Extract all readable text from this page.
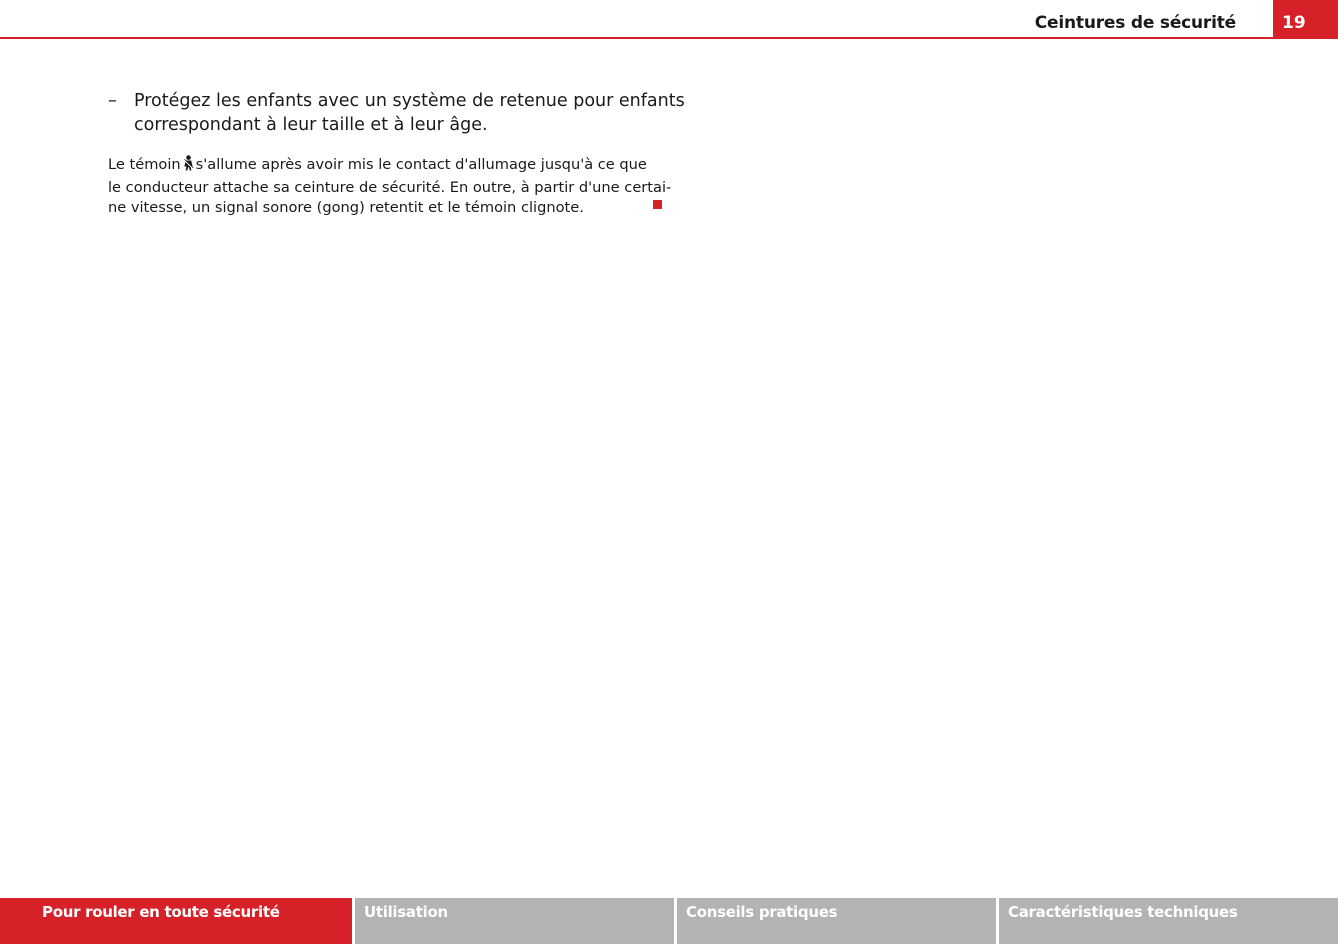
Ceintures de sécurité	19
– Protégez les enfants avec un système de retenue pour enfants
correspondant à leur taille et à leur âge.
Le témoin s'allume après avoir mis le contact d'allumage jusqu'à ce que
le conducteur attache sa ceinture de sécurité. En outre, à partir d'une certai-
ne vitesse, un signal sonore (gong) retentit et le témoin clignote.
Pour rouler en toute sécurité	Utilisation	Conseils pratiques	Caractéristiques techniques
